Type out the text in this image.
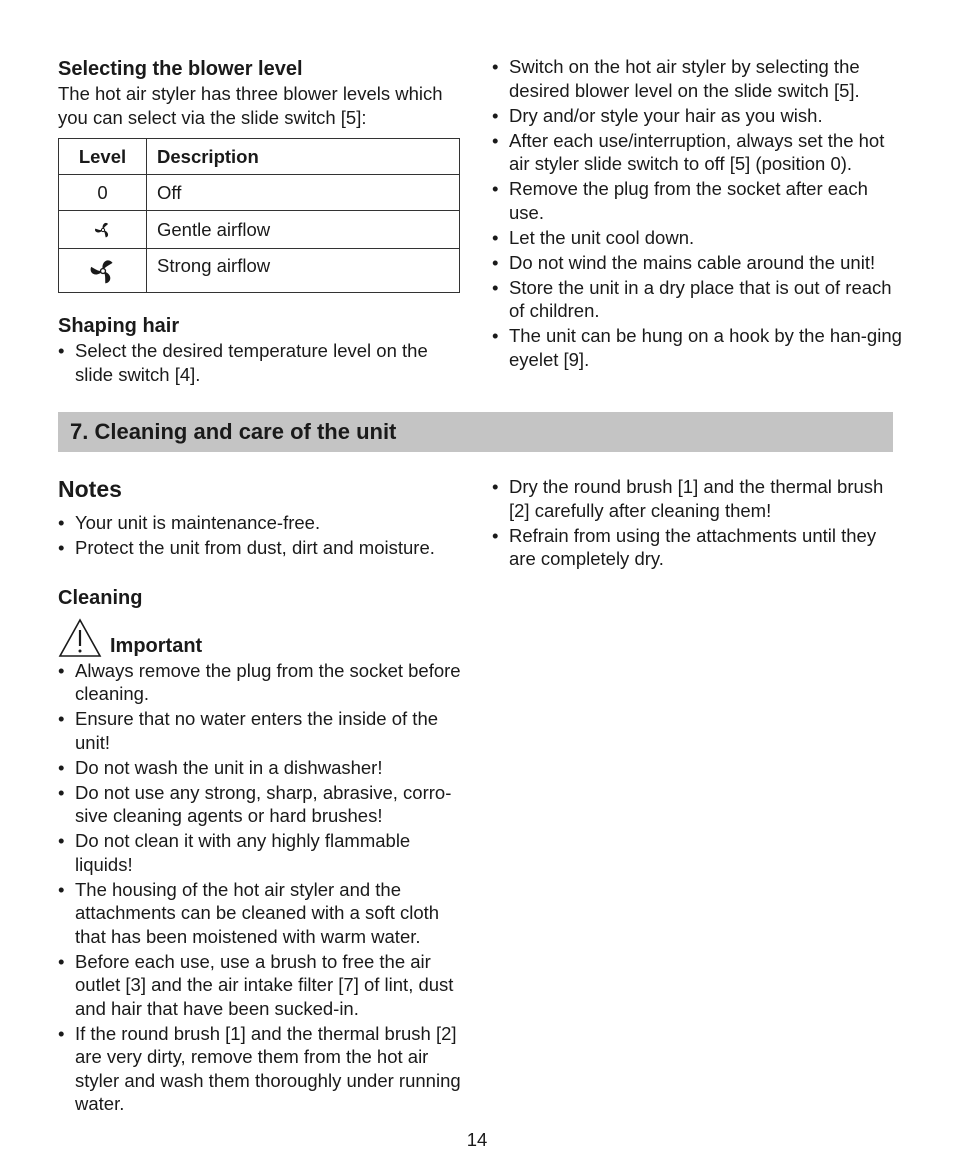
Selecting the blower level

The hot air styler has three blower levels which you can select via the slide switch [5]:

Level	Description
0	Off

	Gentle airflow

	Strong airflow
Shaping hair
• Select the desired temperature level on the slide switch [4].
• Switch on the hot air styler by selecting the desired blower level on the slide switch [5].
• Dry and/or style your hair as you wish.
• After each use/interruption, always set the hot air styler slide switch to off [5] (position 0).
• Remove the plug from the socket after each use.
• Let the unit cool down.
• Do not wind the mains cable around the unit!
• Store the unit in a dry place that is out of reach of children.
• The unit can be hung on a hook by the han-ging eyelet [9].
7. Cleaning and care of the unit
Notes
• Your unit is maintenance-free.
• Protect the unit from dust, dirt and moisture.
Cleaning
Important
• Always remove the plug from the socket before cleaning.
• Ensure that no water enters the inside of the unit!
• Do not wash the unit in a dishwasher!
• Do not use any strong, sharp, abrasive, corro-sive cleaning agents or hard brushes!
• Do not clean it with any highly flammable liquids!
• The housing of the hot air styler and the attachments can be cleaned with a soft cloth that has been moistened with warm water.
• Before each use, use a brush to free the air outlet [3] and the air intake filter [7] of lint, dust and hair that have been sucked-in.
• If the round brush [1] and the thermal brush [2] are very dirty, remove them from the hot air styler and wash them thoroughly under running water.
• Dry the round brush [1] and the thermal brush [2] carefully after cleaning them!
• Refrain from using the attachments until they are completely dry.
14
